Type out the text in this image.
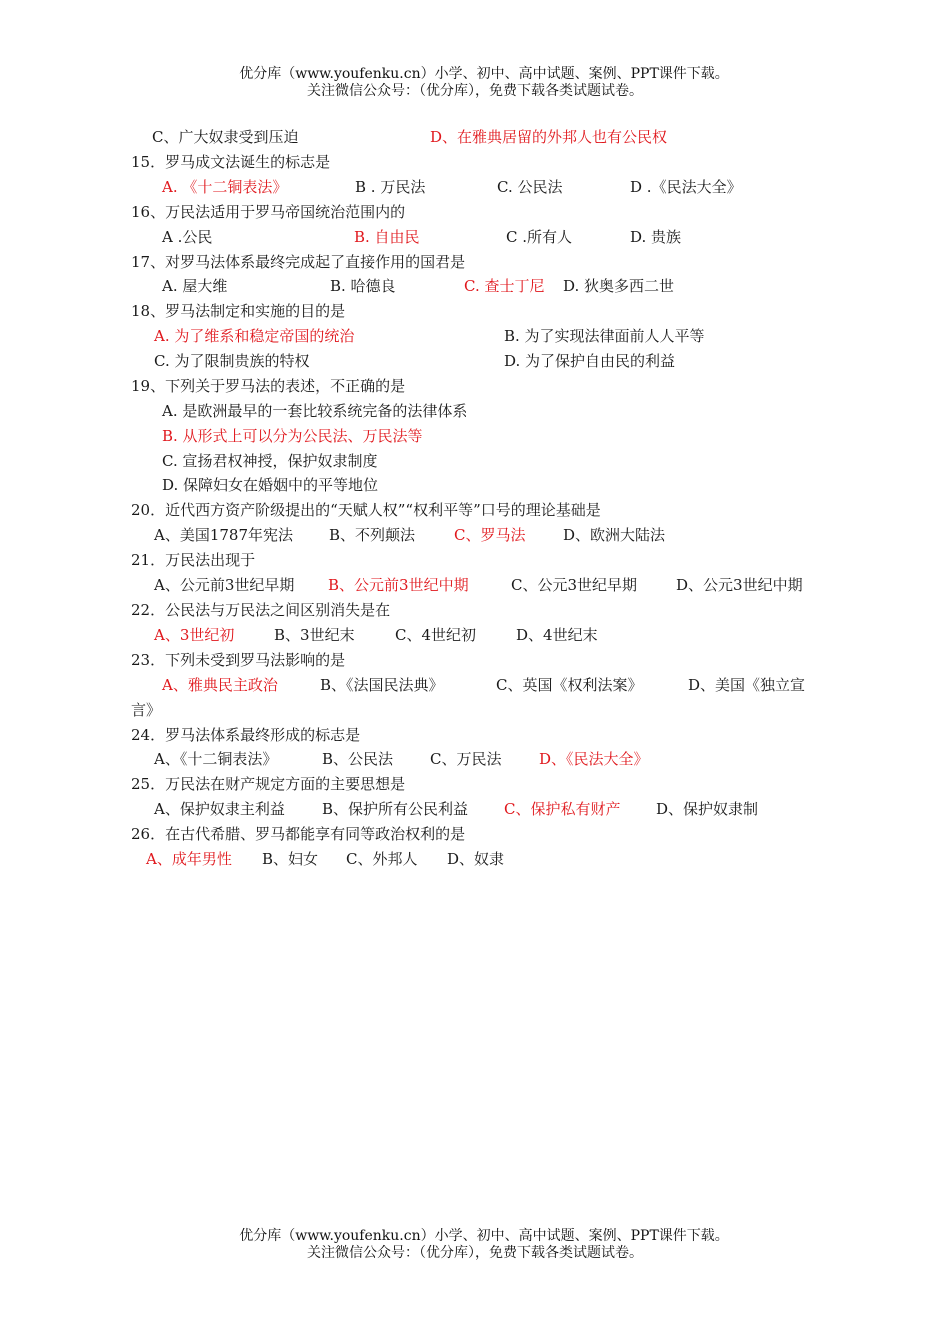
优分库（www.youfenku.cn）小学、初中、高中试题、案例、PPT课件下载。
关注微信公众号：（优分库），免费下载各类试题试卷。
C、广大奴隶受到压迫	D、在雅典居留的外邦人也有公民权
15．罗马成文法诞生的标志是
A. 《十二铜表法》	B . 万民法	C. 公民法	D .《民法大全》
16、万民法适用于罗马帝国统治范围内的
A .公民	B. 自由民	C .所有人	D. 贵族
17、对罗马法体系最终完成起了直接作用的国君是
A. 屋大维	B. 哈德良	C. 查士丁尼 D. 狄奥多西二世
18、罗马法制定和实施的目的是
A. 为了维系和稳定帝国的统治	B. 为了实现法律面前人人平等
C. 为了限制贵族的特权	D. 为了保护自由民的利益
19、下列关于罗马法的表述，不正确的是
A. 是欧洲最早的一套比较系统完备的法律体系
B. 从形式上可以分为公民法、万民法等
C. 宣扬君权神授，保护奴隶制度
D. 保障妇女在婚姻中的平等地位
20．近代西方资产阶级提出的“天赋人权”“权利平等”口号的理论基础是
A、美国1787年宪法 B、不列颠法	C、罗马法	D、欧洲大陆法
21．万民法出现于
A、公元前3世纪早期 B、公元前3世纪中期	C、公元3世纪早期	D、公元3世纪中期
22．公民法与万民法之间区别消失是在
A、3世纪初	B、3世纪末	C、4世纪初	D、4世纪末
23．下列未受到罗马法影响的是
A、雅典民主政治	B、《法国民法典》	C、英国《权利法案》	D、美国《独立宣
言》
24．罗马法体系最终形成的标志是
A、《十二铜表法》	B、公民法 C、万民法	D、《民法大全》
25．万民法在财产规定方面的主要思想是
A、保护奴隶主利益 B、保护所有公民利益 C、保护私有财产 D、保护奴隶制
26．在古代希腊、罗马都能享有同等政治权利的是
A、成年男性 B、妇女 C、外邦人 D、奴隶
优分库（www.youfenku.cn）小学、初中、高中试题、案例、PPT课件下载。
关注微信公众号：（优分库），免费下载各类试题试卷。
